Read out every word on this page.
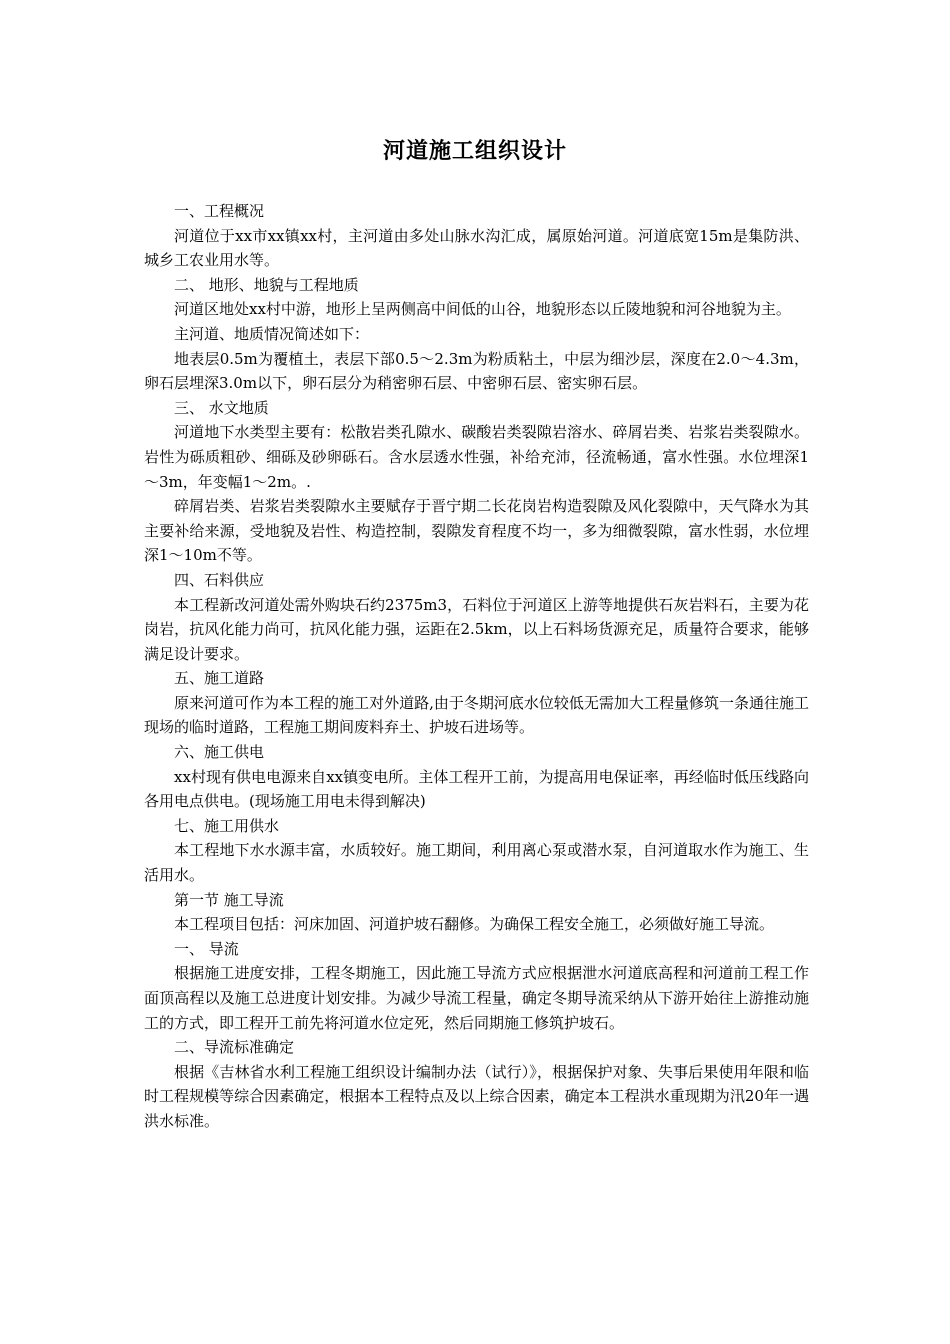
河道施工组织设计

一、工程概况

河道位于xx市xx镇xx村，主河道由多处山脉水沟汇成，属原始河道。河道底宽15m是集防洪、城乡工农业用水等。

二、 地形、地貌与工程地质

河道区地处xx村中游，地形上呈两侧高中间低的山谷，地貌形态以丘陵地貌和河谷地貌为主。

主河道、地质情况简述如下：

地表层0.5m为覆植土，表层下部0.5～2.3m为粉质粘土，中层为细沙层，深度在2.0～4.3m，卵石层埋深3.0m以下，卵石层分为稍密卵石层、中密卵石层、密实卵石层。

三、 水文地质

河道地下水类型主要有：松散岩类孔隙水、碳酸岩类裂隙岩溶水、碎屑岩类、岩浆岩类裂隙水。岩性为砾质粗砂、细砾及砂卵砾石。含水层透水性强，补给充沛，径流畅通，富水性强。水位埋深1～3m，年变幅1～2m。.

碎屑岩类、岩浆岩类裂隙水主要赋存于晋宁期二长花岗岩构造裂隙及风化裂隙中，天气降水为其主要补给来源，受地貌及岩性、构造控制，裂隙发育程度不均一，多为细微裂隙，富水性弱，水位埋深1～10m不等。

四、石料供应

本工程新改河道处需外购块石约2375m3，石料位于河道区上游等地提供石灰岩料石，主要为花岗岩，抗风化能力尚可，抗风化能力强，运距在2.5km，以上石料场货源充足，质量符合要求，能够满足设计要求。

五、施工道路

原来河道可作为本工程的施工对外道路,由于冬期河底水位较低无需加大工程量修筑一条通往施工现场的临时道路，工程施工期间废料弃土、护坡石进场等。

六、施工供电

xx村现有供电电源来自xx镇变电所。主体工程开工前，为提高用电保证率，再经临时低压线路向各用电点供电。(现场施工用电未得到解决)

七、施工用供水

本工程地下水水源丰富，水质较好。施工期间，利用离心泵或潜水泵，自河道取水作为施工、生活用水。

第一节 施工导流

本工程项目包括：河床加固、河道护坡石翻修。为确保工程安全施工，必须做好施工导流。

一、 导流

根据施工进度安排，工程冬期施工，因此施工导流方式应根据泄水河道底高程和河道前工程工作面顶高程以及施工总进度计划安排。为减少导流工程量，确定冬期导流采纳从下游开始往上游推动施工的方式，即工程开工前先将河道水位定死，然后同期施工修筑护坡石。

二、导流标准确定

根据《吉林省水利工程施工组织设计编制办法（试行）》，根据保护对象、失事后果使用年限和临时工程规模等综合因素确定，根据本工程特点及以上综合因素，确定本工程洪水重现期为汛20年一遇洪水标准。
